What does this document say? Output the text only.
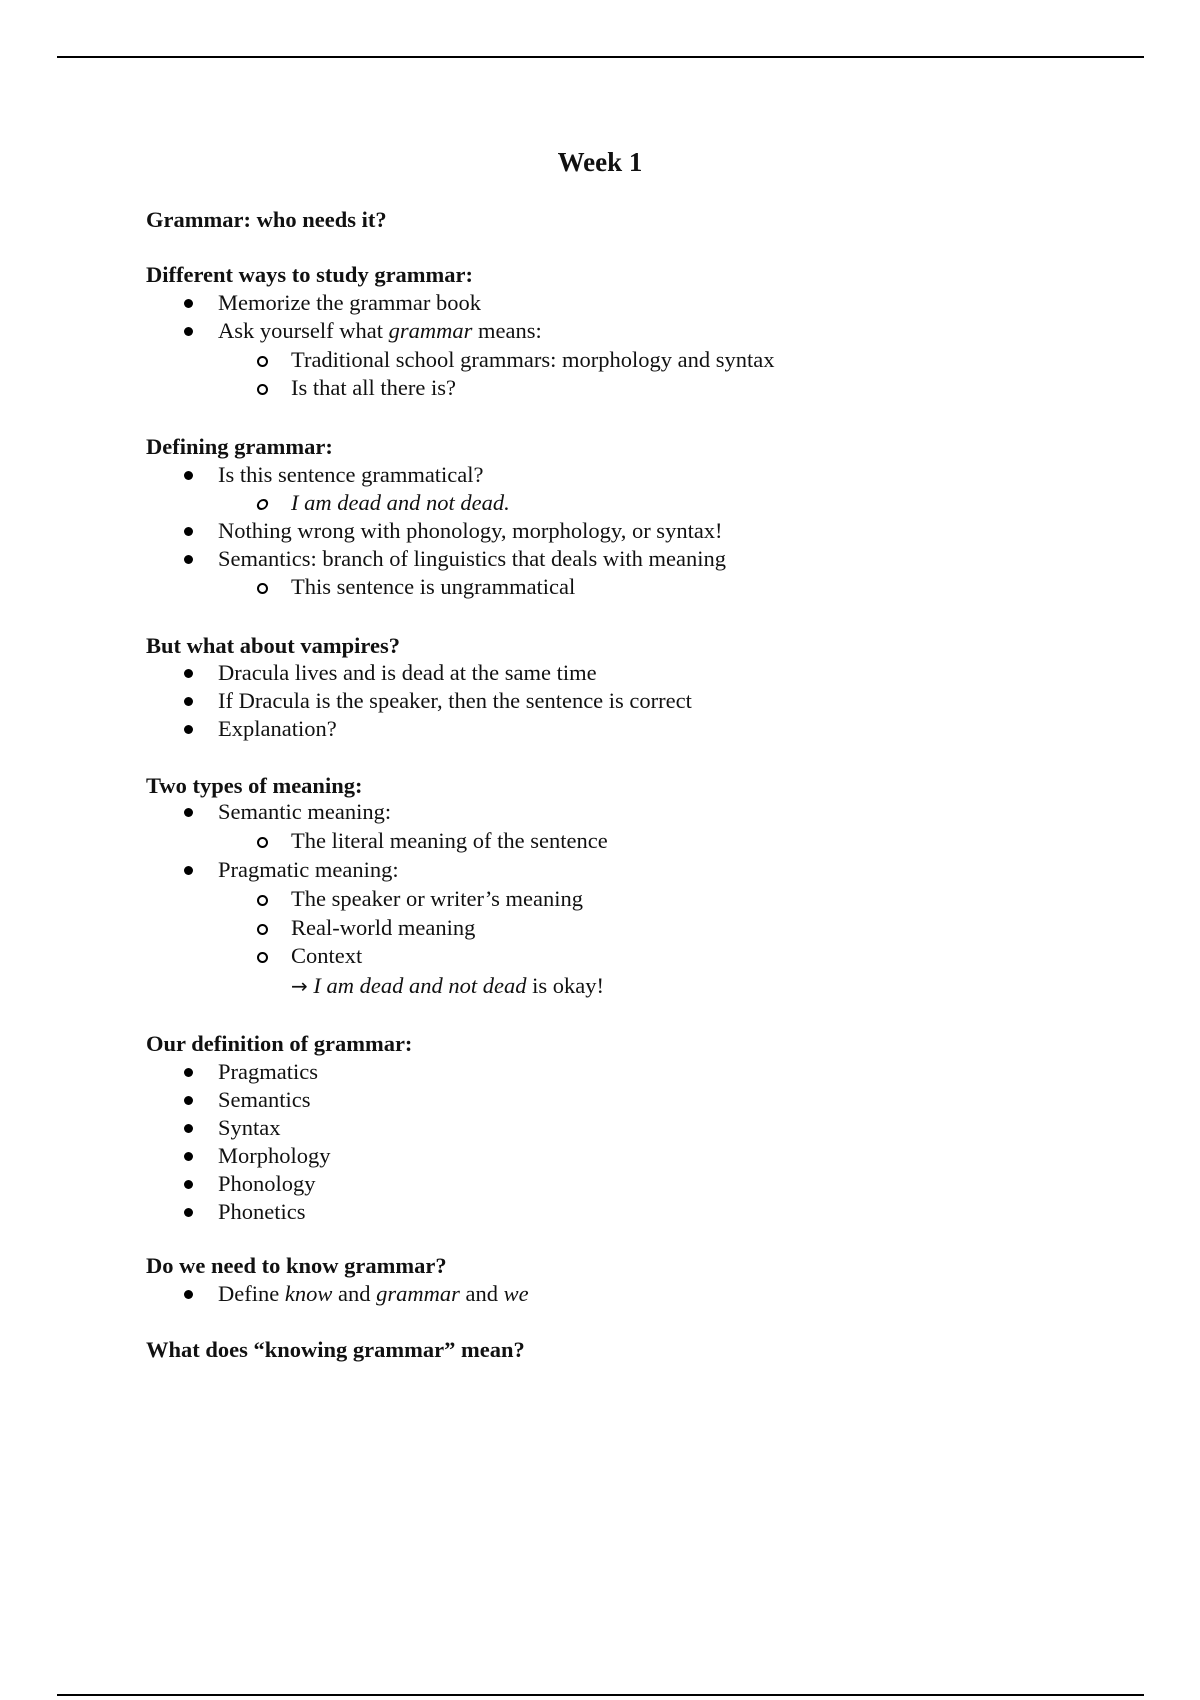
Week 1
Grammar: who needs it?
Different ways to study grammar:
Memorize the grammar book
Ask yourself what grammar means:
Traditional school grammars: morphology and syntax
Is that all there is?
Defining grammar:
Is this sentence grammatical?
I am dead and not dead.
Nothing wrong with phonology, morphology, or syntax!
Semantics: branch of linguistics that deals with meaning
This sentence is ungrammatical
But what about vampires?
Dracula lives and is dead at the same time
If Dracula is the speaker, then the sentence is correct
Explanation?
Two types of meaning:
Semantic meaning:
The literal meaning of the sentence
Pragmatic meaning:
The speaker or writer’s meaning
Real-world meaning
Context
→ I am dead and not dead is okay!
Our definition of grammar:
Pragmatics
Semantics
Syntax
Morphology
Phonology
Phonetics
Do we need to know grammar?
Define know and grammar and we
What does “knowing grammar” mean?
